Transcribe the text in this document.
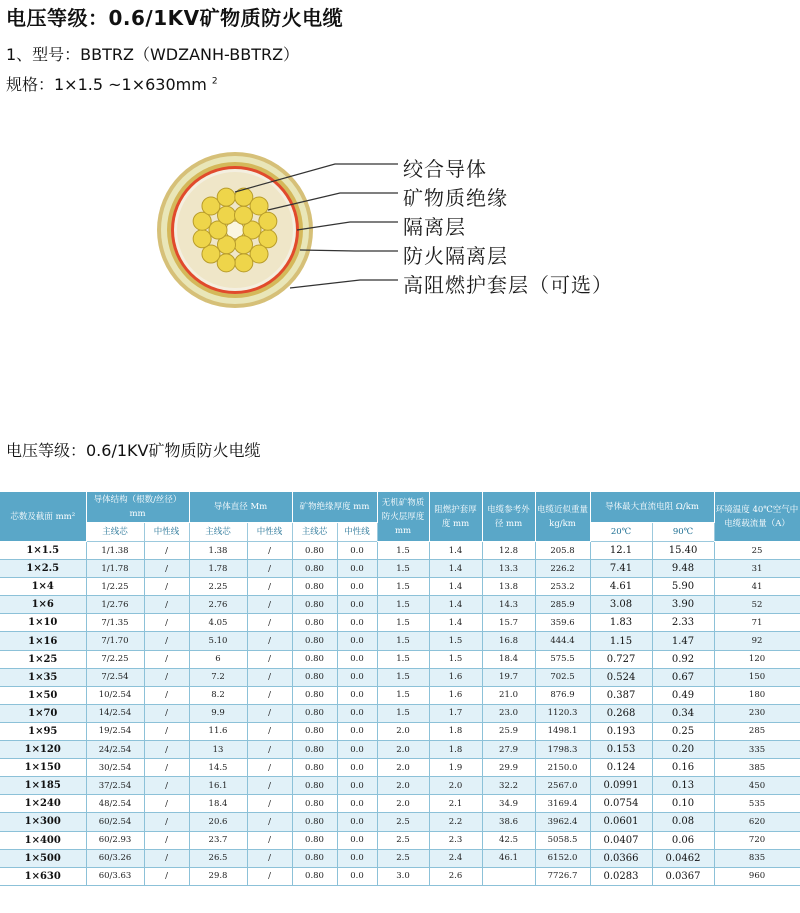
电压等级：0.6/1KV矿物质防火电缆
1、型号：BBTRZ（WDZANH-BBTRZ）
规格：1×1.5 ~1×630mm $^2$
绞合导体
矿物质绝缘
隔离层
防火隔离层
高阻燃护套层（可选）
电压等级：0.6/1KV矿物质防火电缆
芯数及截面 mm²	导体结构（根数/丝径）mm		导体直径 Mm		矿物绝缘厚度 mm		无机矿物质防火层厚度 mm	阻燃护套厚度 mm	电缆参考外径 mm	电缆近似重量 kg/km	导体最大直流电阻 Ω/km		环境温度 40℃空气中电缆载流量（A）
	主线芯	中性线	主线芯	中性线	主线芯	中性线					20℃	90℃	
1×1.5	1/1.38	/	1.38	/	0.80	0.0	1.5	1.4	12.8	205.8	12.1	15.40	25
1×2.5	1/1.78	/	1.78	/	0.80	0.0	1.5	1.4	13.3	226.2	7.41	9.48	31
1×4	1/2.25	/	2.25	/	0.80	0.0	1.5	1.4	13.8	253.2	4.61	5.90	41
1×6	1/2.76	/	2.76	/	0.80	0.0	1.5	1.4	14.3	285.9	3.08	3.90	52
1×10	7/1.35	/	4.05	/	0.80	0.0	1.5	1.4	15.7	359.6	1.83	2.33	71
1×16	7/1.70	/	5.10	/	0.80	0.0	1.5	1.5	16.8	444.4	1.15	1.47	92
1×25	7/2.25	/	6	/	0.80	0.0	1.5	1.5	18.4	575.5	0.727	0.92	120
1×35	7/2.54	/	7.2	/	0.80	0.0	1.5	1.6	19.7	702.5	0.524	0.67	150
1×50	10/2.54	/	8.2	/	0.80	0.0	1.5	1.6	21.0	876.9	0.387	0.49	180
1×70	14/2.54	/	9.9	/	0.80	0.0	1.5	1.7	23.0	1120.3	0.268	0.34	230
1×95	19/2.54	/	11.6	/	0.80	0.0	2.0	1.8	25.9	1498.1	0.193	0.25	285
1×120	24/2.54	/	13	/	0.80	0.0	2.0	1.8	27.9	1798.3	0.153	0.20	335
1×150	30/2.54	/	14.5	/	0.80	0.0	2.0	1.9	29.9	2150.0	0.124	0.16	385
1×185	37/2.54	/	16.1	/	0.80	0.0	2.0	2.0	32.2	2567.0	0.0991	0.13	450
1×240	48/2.54	/	18.4	/	0.80	0.0	2.0	2.1	34.9	3169.4	0.0754	0.10	535
1×300	60/2.54	/	20.6	/	0.80	0.0	2.5	2.2	38.6	3962.4	0.0601	0.08	620
1×400	60/2.93	/	23.7	/	0.80	0.0	2.5	2.3	42.5	5058.5	0.0407	0.06	720
1×500	60/3.26	/	26.5	/	0.80	0.0	2.5	2.4	46.1	6152.0	0.0366	0.0462	835
1×630	60/3.63	/	29.8	/	0.80	0.0	3.0	2.6		7726.7	0.0283	0.0367	960
